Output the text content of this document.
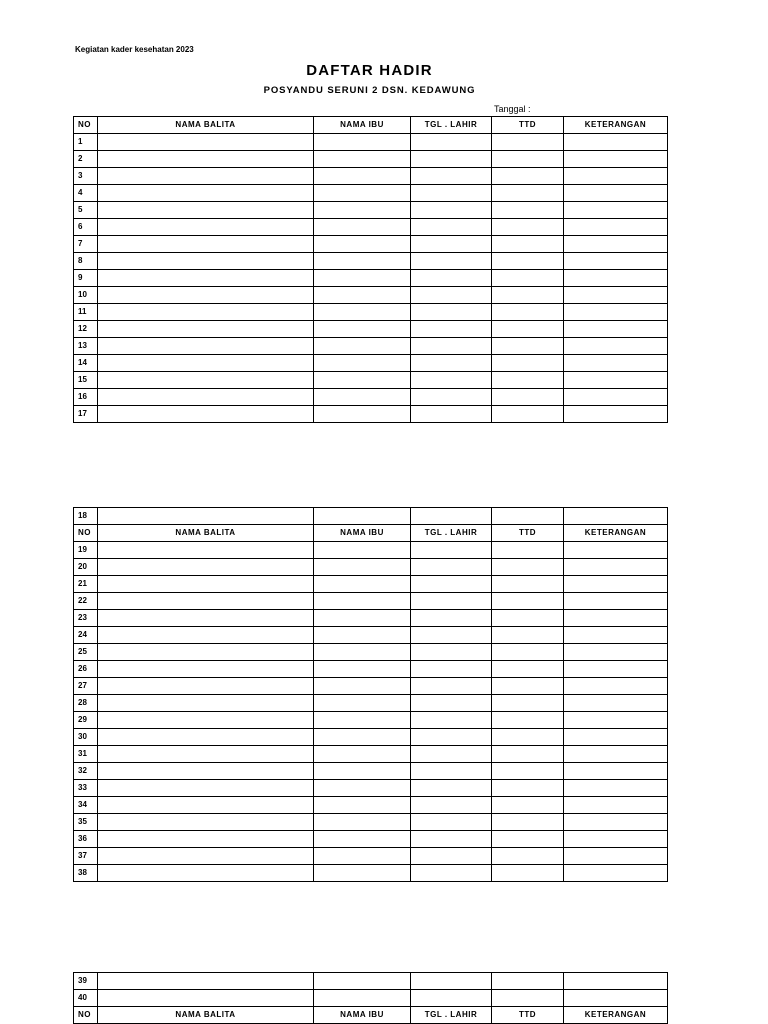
Kegiatan kader kesehatan 2023
DAFTAR HADIR
POSYANDU SERUNI 2 DSN. KEDAWUNG
Tanggal :
NO	NAMA BALITA	NAMA IBU	TGL . LAHIR	TTD	KETERANGAN
1					
2					
3					
4					
5					
6					
7					
8					
9					
10					
11					
12					
13					
14					
15					
16					
17					
18					
NO	NAMA BALITA	NAMA IBU	TGL . LAHIR	TTD	KETERANGAN
19					
20					
21					
22					
23					
24					
25					
26					
27					
28					
29					
30					
31					
32					
33					
34					
35					
36					
37					
38					
39					
40					
NO	NAMA BALITA	NAMA IBU	TGL . LAHIR	TTD	KETERANGAN
